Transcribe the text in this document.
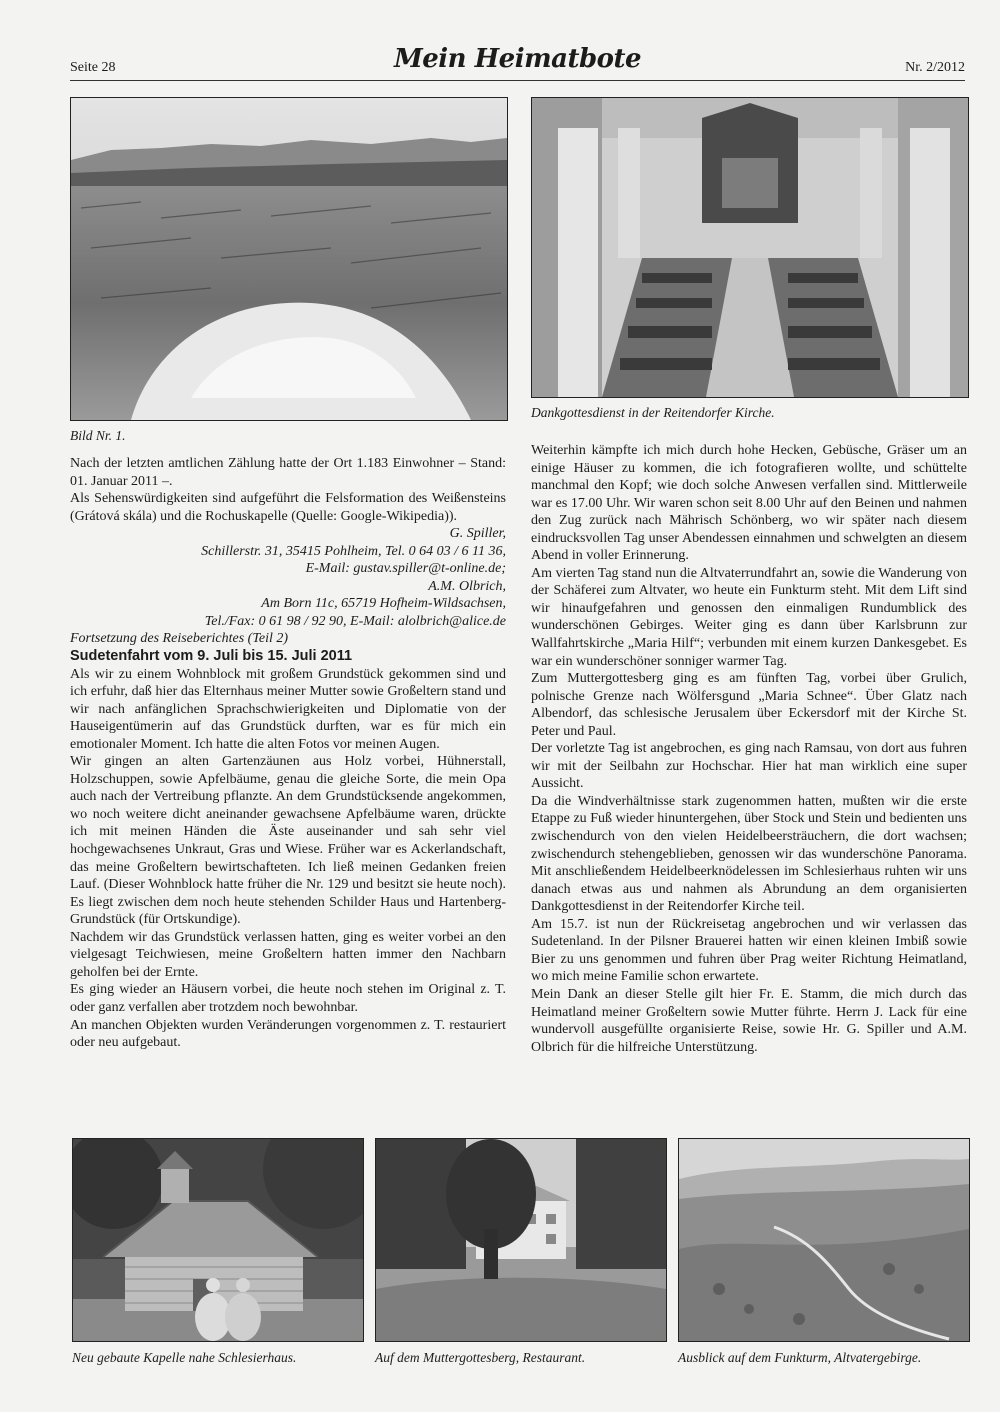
Seite 28	Mein Heimatbote	Nr. 2/2012
Bild Nr. 1.
Dankgottesdienst in der Reitendorfer Kirche.

Nach der letzten amtlichen Zählung hatte der Ort 1.183 Einwohner – Stand: 01. Januar 2011 –.

Als Sehenswürdigkeiten sind aufgeführt die Felsformation des Weißensteins (Grátová skála) und die Rochuskapelle (Quelle: Google-Wikipedia)).

G. Spiller,
Schillerstr. 31, 35415 Pohlheim, Tel. 0 64 03 / 6 11 36,
E-Mail: gustav.spiller@t-online.de;
A.M. Olbrich,
Am Born 11c, 65719 Hofheim-Wildsachsen,
Tel./Fax: 0 61 98 / 92 90, E-Mail: alolbrich@alice.de
Fortsetzung des Reiseberichtes (Teil 2)
Sudetenfahrt vom 9. Juli bis 15. Juli 2011

Als wir zu einem Wohnblock mit großem Grundstück gekommen sind und ich erfuhr, daß hier das Elternhaus meiner Mutter sowie Großeltern stand und wir nach anfänglichen Sprachschwierigkeiten und Diplomatie von der Hauseigentümerin auf das Grundstück durften, war es für mich ein emotionaler Moment. Ich hatte die alten Fotos vor meinen Augen.

Wir gingen an alten Gartenzäunen aus Holz vorbei, Hühnerstall, Holzschuppen, sowie Apfelbäume, genau die gleiche Sorte, die mein Opa auch nach der Vertreibung pflanzte. An dem Grundstücksende angekommen, wo noch weitere dicht aneinander gewachsene Apfelbäume waren, drückte ich mit meinen Händen die Äste auseinander und sah sehr viel hochgewachsenes Unkraut, Gras und Wiese. Früher war es Ackerlandschaft, das meine Großeltern bewirtschafteten. Ich ließ meinen Gedanken freien Lauf. (Dieser Wohnblock hatte früher die Nr. 129 und besitzt sie heute noch). Es liegt zwischen dem noch heute stehenden Schilder Haus und Hartenberg-Grundstück (für Ortskundige).

Nachdem wir das Grundstück verlassen hatten, ging es weiter vorbei an den vielgesagt Teichwiesen, meine Großeltern hatten immer den Nachbarn geholfen bei der Ernte.

Es ging wieder an Häusern vorbei, die heute noch stehen im Original z. T. oder ganz verfallen aber trotzdem noch bewohnbar.

An manchen Objekten wurden Veränderungen vorgenommen z. T. restauriert oder neu aufgebaut.

Weiterhin kämpfte ich mich durch hohe Hecken, Gebüsche, Gräser um an einige Häuser zu kommen, die ich fotografieren wollte, und schüttelte manchmal den Kopf; wie doch solche Anwesen verfallen sind. Mittlerweile war es 17.00 Uhr. Wir waren schon seit 8.00 Uhr auf den Beinen und nahmen den Zug zurück nach Mährisch Schönberg, wo wir später nach diesem eindrucksvollen Tag unser Abendessen einnahmen und schwelgten an diesem Abend in voller Erinnerung.

Am vierten Tag stand nun die Altvaterrundfahrt an, sowie die Wanderung von der Schäferei zum Altvater, wo heute ein Funkturm steht. Mit dem Lift sind wir hinaufgefahren und genossen den einmaligen Rundumblick des wunderschönen Gebirges. Weiter ging es dann über Karlsbrunn zur Wallfahrtskirche „Maria Hilf“; verbunden mit einem kurzen Dankesgebet. Es war ein wunderschöner sonniger warmer Tag.

Zum Muttergottesberg ging es am fünften Tag, vorbei über Grulich, polnische Grenze nach Wölfersgund „Maria Schnee“. Über Glatz nach Albendorf, das schlesische Jerusalem über Eckersdorf mit der Kirche St. Peter und Paul.

Der vorletzte Tag ist angebrochen, es ging nach Ramsau, von dort aus fuhren wir mit der Seilbahn zur Hochschar. Hier hat man wirklich eine super Aussicht.

Da die Windverhältnisse stark zugenommen hatten, mußten wir die erste Etappe zu Fuß wieder hinuntergehen, über Stock und Stein und bedienten uns zwischendurch von den vielen Heidelbeersträuchern, die dort wachsen; zwischendurch stehengeblieben, genossen wir das wunderschöne Panorama. Mit anschließendem Heidelbeerknödelessen im Schlesierhaus ruhten wir uns danach etwas aus und nahmen als Abrundung an dem organisierten Dankgottesdienst in der Reitendorfer Kirche teil.

Am 15.7. ist nun der Rückreisetag angebrochen und wir verlassen das Sudetenland. In der Pilsner Brauerei hatten wir einen kleinen Imbiß sowie Bier zu uns genommen und fuhren über Prag weiter Richtung Heimatland, wo mich meine Familie schon erwartete.

Mein Dank an dieser Stelle gilt hier Fr. E. Stamm, die mich durch das Heimatland meiner Großeltern sowie Mutter führte. Herrn J. Lack für eine wundervoll ausgefüllte organisierte Reise, sowie Hr. G. Spiller und A.M. Olbrich für die hilfreiche Unterstützung.

Neu gebaute Kapelle nahe Schlesierhaus.	Auf dem Muttergottesberg, Restaurant.	Ausblick auf dem Funkturm, Altvatergebirge.
